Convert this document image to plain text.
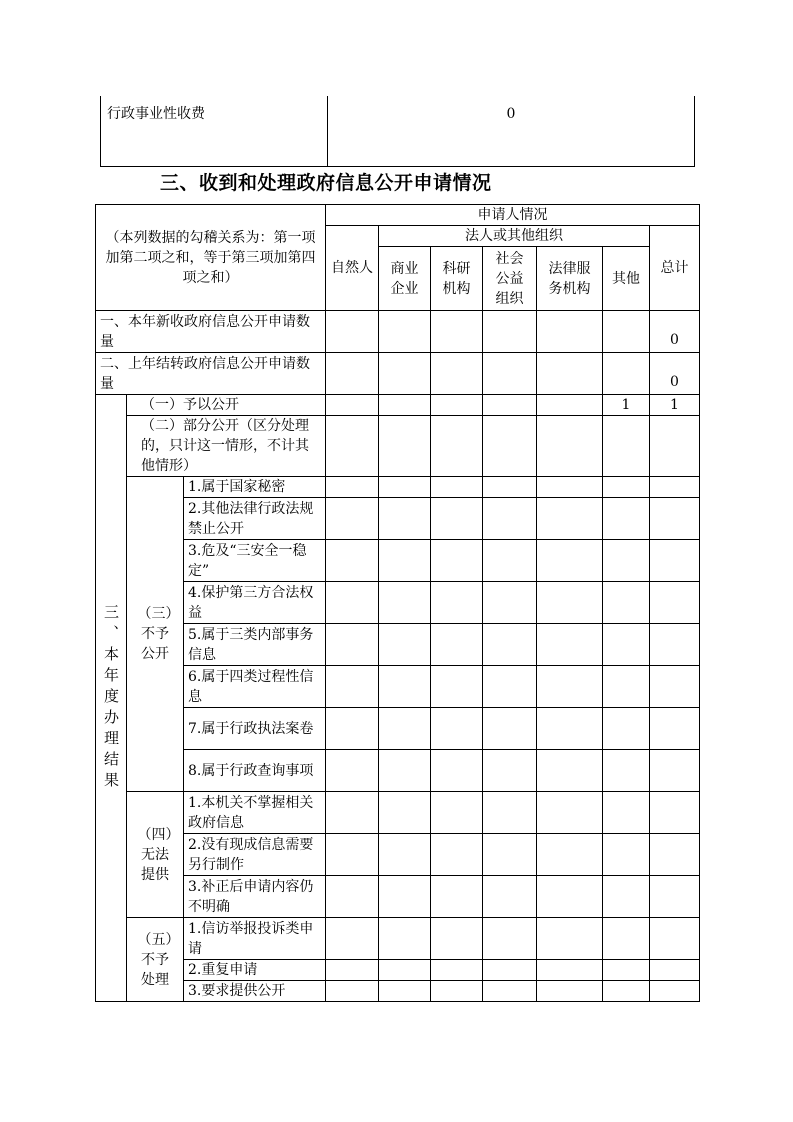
行政事业性收费	0
三、收到和处理政府信息公开申请情况
（本列数据的勾稽关系为：第一项加第二项之和，等于第三项加第四项之和）			申请人情况						
			自然人	法人或其他组织					总计
				商业企业	科研机构	社会公益组织	法律服务机构	其他	
一、本年新收政府信息公开申请数量									0
二、上年结转政府信息公开申请数量									0
三、本年度办理结果	（一）予以公开							1	1
	（二）部分公开（区分处理的，只计这一情形，不计其他情形）								
	（三）不予公开	1.属于国家秘密							
		2.其他法律行政法规禁止公开							
		3.危及“三安全一稳定”							
		4.保护第三方合法权益							
		5.属于三类内部事务信息							
		6.属于四类过程性信息							
		7.属于行政执法案卷							
		8.属于行政查询事项							
	（四）无法提供	1.本机关不掌握相关政府信息							
		2.没有现成信息需要另行制作							
		3.补正后申请内容仍不明确							
	（五）不予处理	1.信访举报投诉类申请							
		2.重复申请							
		3.要求提供公开							
